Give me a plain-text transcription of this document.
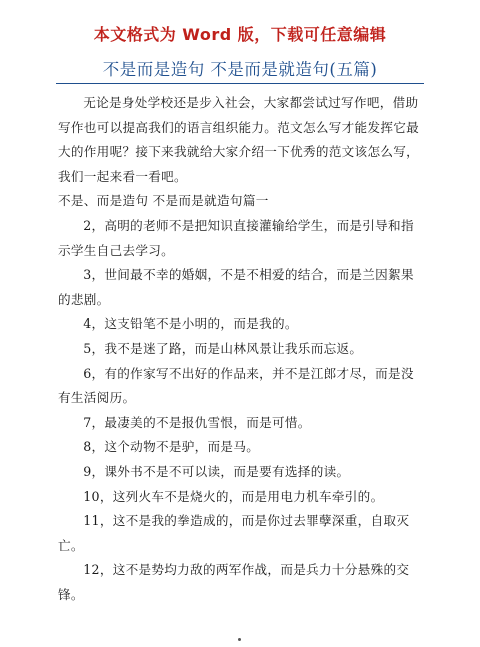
本文格式为 Word 版，下载可任意编辑
不是而是造句 不是而是就造句(五篇)

无论是身处学校还是步入社会，大家都尝试过写作吧，借助写作也可以提高我们的语言组织能力。范文怎么写才能发挥它最大的作用呢？接下来我就给大家介绍一下优秀的范文该怎么写，我们一起来看一看吧。

不是、而是造句 不是而是就造句篇一

2，高明的老师不是把知识直接灌输给学生，而是引导和指示学生自己去学习。

3，世间最不幸的婚姻，不是不相爱的结合，而是兰因絮果的悲剧。

4，这支铅笔不是小明的，而是我的。

5，我不是迷了路，而是山林风景让我乐而忘返。

6，有的作家写不出好的作品来，并不是江郎才尽，而是没有生活阅历。

7，最凄美的不是报仇雪恨，而是可惜。

8，这个动物不是驴，而是马。

9，课外书不是不可以读，而是要有选择的读。

10，这列火车不是烧火的，而是用电力机车牵引的。

11，这不是我的拳造成的，而是你过去罪孽深重，自取灭亡。

12，这不是势均力敌的两军作战，而是兵力十分悬殊的交锋。
